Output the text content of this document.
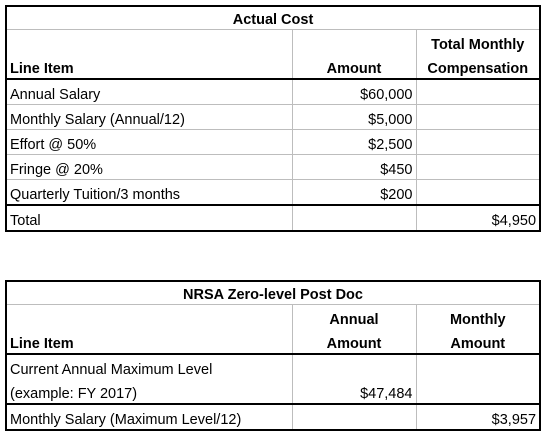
Actual Cost		
		Total Monthly
Line Item	Amount	Compensation
Annual Salary	$60,000	
Monthly Salary (Annual/12)	$5,000	
Effort @ 50%	$2,500	
Fringe @ 20%	$450	
Quarterly Tuition/3 months	$200	
Total		$4,950
NRSA Zero-level Post Doc		
	Annual	Monthly
Line Item	Amount	Amount
Current Annual Maximum Level		
(example: FY 2017)	$47,484	
Monthly Salary (Maximum Level/12)		$3,957
